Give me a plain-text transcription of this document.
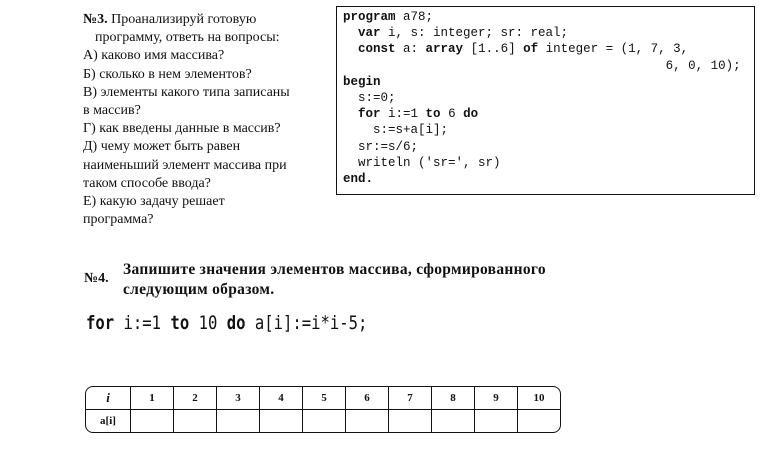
№3. Проанализируй готовую
программу, ответь на вопросы:
А) каково имя массива?
Б) сколько в нем элементов?
В) элементы какого типа записаны
в массив?
Г) как введены данные в массив?
Д) чему может быть равен
наименьший элемент массива при
таком способе ввода?
Е) какую задачу решает
программа?
program a78;
var i, s: integer; sr: real;
const a: array [1..6] of integer = (1, 7, 3,
6, 0, 10);
begin
s:=0;
for i:=1 to 6 do
s:=s+a[i];
sr:=s/6;
writeln ('sr=', sr)
end.
№4.
Запишите значения элементов массива, сформированного
следующим образом.
for i:=1 to 10 do a[i]:=i*i-5;
i	1	2	3	4	5	6	7	8	9	10
a[i]										
